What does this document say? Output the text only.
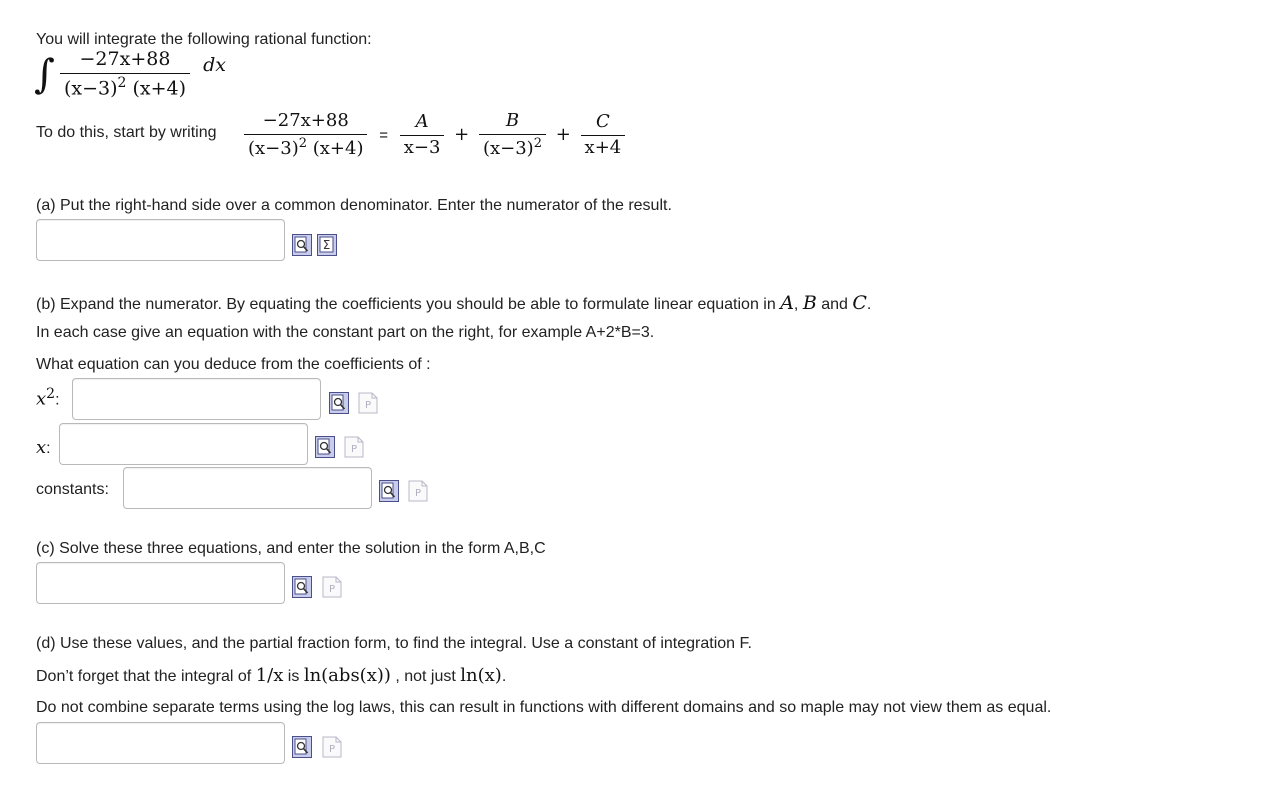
You will integrate the following rational function:
∫ $\frac{-27x+88}{(x-3)^2 (x+4)}$ dx
To do this, start by writing $\frac{-27x+88}{(x-3)^2 (x+4)} = \frac{A}{x-3} + \frac{B}{(x-3)^2} + \frac{C}{x+4}$
(a) Put the right-hand side over a common denominator. Enter the numerator of the result.
Σ
(b) Expand the numerator. By equating the coefficients you should be able to formulate linear equation in A, B and C.
In each case give an equation with the constant part on the right, for example A+2*B=3.
What equation can you deduce from the coefficients of :
$x^2$:	P
x:	P
constants:	P
(c) Solve these three equations, and enter the solution in the form A,B,C
P
(d) Use these values, and the partial fraction form, to find the integral. Use a constant of integration F.
Don’t forget that the integral of 1/x is ln(abs(x)) , not just ln(x).
Do not combine separate terms using the log laws, this can result in functions with different domains and so maple may not view them as equal.
P
